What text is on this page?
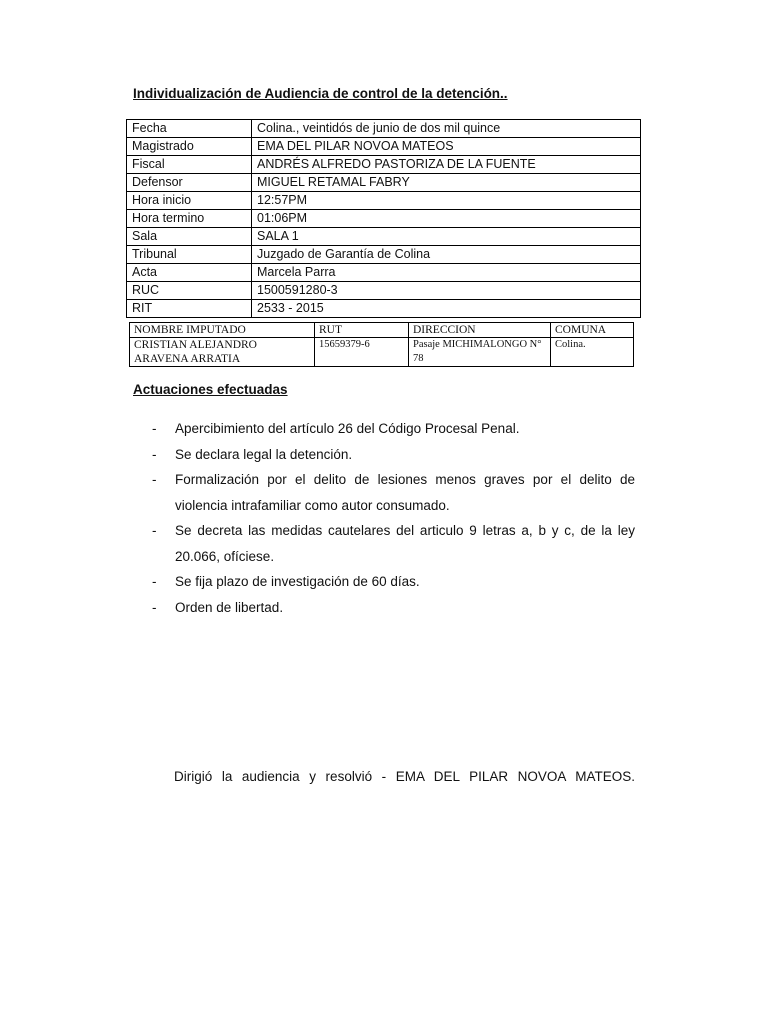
Individualización de Audiencia de control de la detención..
Fecha	Colina., veintidós de junio de dos mil quince
Magistrado	EMA DEL PILAR NOVOA MATEOS
Fiscal	ANDRÉS ALFREDO PASTORIZA DE LA FUENTE
Defensor	MIGUEL RETAMAL FABRY
Hora inicio	12:57PM
Hora termino	01:06PM
Sala	SALA 1
Tribunal	Juzgado de Garantía de Colina
Acta	Marcela Parra
RUC	1500591280-3
RIT	2533 - 2015
NOMBRE IMPUTADO	RUT	DIRECCION	COMUNA
CRISTIAN ALEJANDRO ARAVENA ARRATIA	15659379-6	Pasaje MICHIMALONGO N° 78	Colina.
Actuaciones efectuadas
- Apercibimiento del artículo 26 del Código Procesal Penal.
- Se declara legal la detención.
- Formalización por el delito de lesiones menos graves por el delito de violencia intrafamiliar como autor consumado.
- Se decreta las medidas cautelares del articulo 9 letras a, b y c, de la ley 20.066, ofíciese.
- Se fija plazo de investigación de 60 días.
- Orden de libertad.
Dirigió la audiencia y resolvió - EMA DEL PILAR NOVOA MATEOS.
